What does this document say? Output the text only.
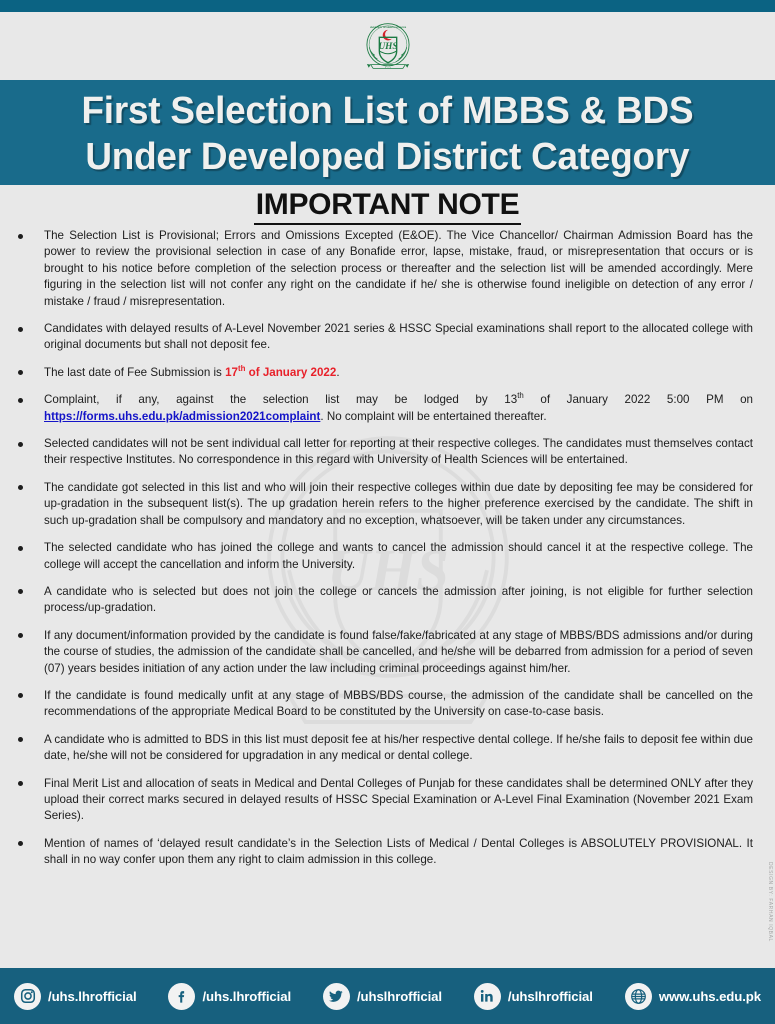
UNIVERSITY OF HEALTH SCIENCES
UHS
٢٠٠١
First Selection List of MBBS & BDS
Under Developed District Category
IMPORTANT NOTE
UHS
DESIGN BY: FARHAN IQBAL
The Selection List is Provisional; Errors and Omissions Excepted (E&OE). The Vice Chancellor/ Chairman Admission Board has the power to review the provisional selection in case of any Bonafide error, lapse, mistake, fraud, or misrepresentation that occurs or is brought to his notice before completion of the selection process or thereafter and the selection list will be amended accordingly. Mere figuring in the selection list will not confer any right on the candidate if he/ she is otherwise found ineligible on detection of any error / mistake / fraud / misrepresentation.
Candidates with delayed results of A-Level November 2021 series & HSSC Special examinations shall report to the allocated college with original documents but shall not deposit fee.
The last date of Fee Submission is 17th of January 2022.
Complaint, if any, against the selection list may be lodged by 13th of January 2022 5:00 PM on https://forms.uhs.edu.pk/admission2021complaint. No complaint will be entertained thereafter.
Selected candidates will not be sent individual call letter for reporting at their respective colleges. The candidates must themselves contact their respective Institutes. No correspondence in this regard with University of Health Sciences will be entertained.
The candidate got selected in this list and who will join their respective colleges within due date by depositing fee may be considered for up-gradation in the subsequent list(s). The up gradation herein refers to the higher preference exercised by the candidate. The shift in such up-gradation shall be compulsory and mandatory and no exception, whatsoever, will be taken under any circumstances.
The selected candidate who has joined the college and wants to cancel the admission should cancel it at the respective college. The college will accept the cancellation and inform the University.
A candidate who is selected but does not join the college or cancels the admission after joining, is not eligible for further selection process/up-gradation.
If any document/information provided by the candidate is found false/fake/fabricated at any stage of MBBS/BDS admissions and/or during the course of studies, the admission of the candidate shall be cancelled, and he/she will be debarred from admission for a period of seven (07) years besides initiation of any action under the law including criminal proceedings against him/her.
If the candidate is found medically unfit at any stage of MBBS/BDS course, the admission of the candidate shall be cancelled on the recommendations of the appropriate Medical Board to be constituted by the University on case-to-case basis.
A candidate who is admitted to BDS in this list must deposit fee at his/her respective dental college. If he/she fails to deposit fee within due date, he/she will not be considered for upgradation in any medical or dental college.
Final Merit List and allocation of seats in Medical and Dental Colleges of Punjab for these candidates shall be determined ONLY after they upload their correct marks secured in delayed results of HSSC Special Examination or A-Level Final Examination (November 2021 Exam Series).
Mention of names of ‘delayed result candidate’s in the Selection Lists of Medical / Dental Colleges is ABSOLUTELY PROVISIONAL. It shall in no way confer upon them any right to claim admission in this college.
/uhs.lhrofficial	/uhs.lhrofficial	/uhslhrofficial	/uhslhrofficial	www.uhs.edu.pk
